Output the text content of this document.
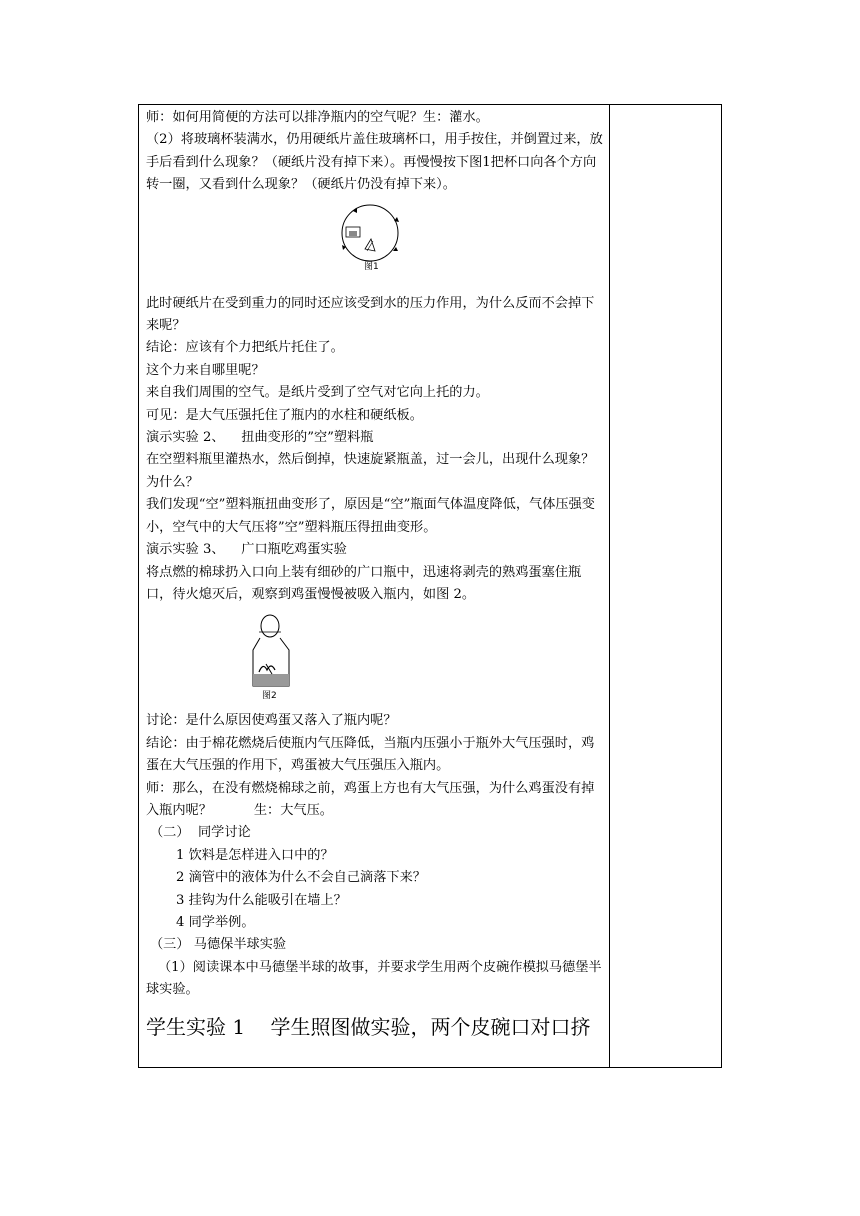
师：如何用简便的方法可以排净瓶内的空气呢？生：灌水。

（2）将玻璃杯装满水，仍用硬纸片盖住玻璃杯口，用手按住，并倒置过来，放手后看到什么现象？（硬纸片没有掉下来）。再慢慢按下图1把杯口向各个方向转一圈，又看到什么现象？（硬纸片仍没有掉下来）。

图1

此时硬纸片在受到重力的同时还应该受到水的压力作用，为什么反而不会掉下来呢？

结论：应该有个力把纸片托住了。

这个力来自哪里呢？

来自我们周围的空气。是纸片受到了空气对它向上托的力。

可见：是大气压强托住了瓶内的水柱和硬纸板。

演示实验 2、    扭曲变形的”空”塑料瓶

在空塑料瓶里灌热水，然后倒掉，快速旋紧瓶盖，过一会儿，出现什么现象？为什么？

我们发现“空”塑料瓶扭曲变形了，原因是“空”瓶面气体温度降低，气体压强变小，空气中的大气压将”空”塑料瓶压得扭曲变形。

演示实验 3、    广口瓶吃鸡蛋实验

将点燃的棉球扔入口向上装有细砂的广口瓶中，迅速将剥壳的熟鸡蛋塞住瓶口，待火熄灭后，观察到鸡蛋慢慢被吸入瓶内，如图 2。

图2

讨论：是什么原因使鸡蛋又落入了瓶内呢？

结论：由于棉花燃烧后使瓶内气压降低，当瓶内压强小于瓶外大气压强时，鸡蛋在大气压强的作用下，鸡蛋被大气压强压入瓶内。

师：那么，在没有燃烧棉球之前，鸡蛋上方也有大气压强，为什么鸡蛋没有掉入瓶内呢？          生：大气压。

（二）  同学讨论

1 饮料是怎样进入口中的？

2 滴管中的液体为什么不会自己滴落下来？

3 挂钩为什么能吸引在墙上？

4 同学举例。

（三） 马德保半球实验

（1）阅读课本中马德堡半球的故事，并要求学生用两个皮碗作模拟马德堡半球实验。

学生实验 1    学生照图做实验，两个皮碗口对口挤
